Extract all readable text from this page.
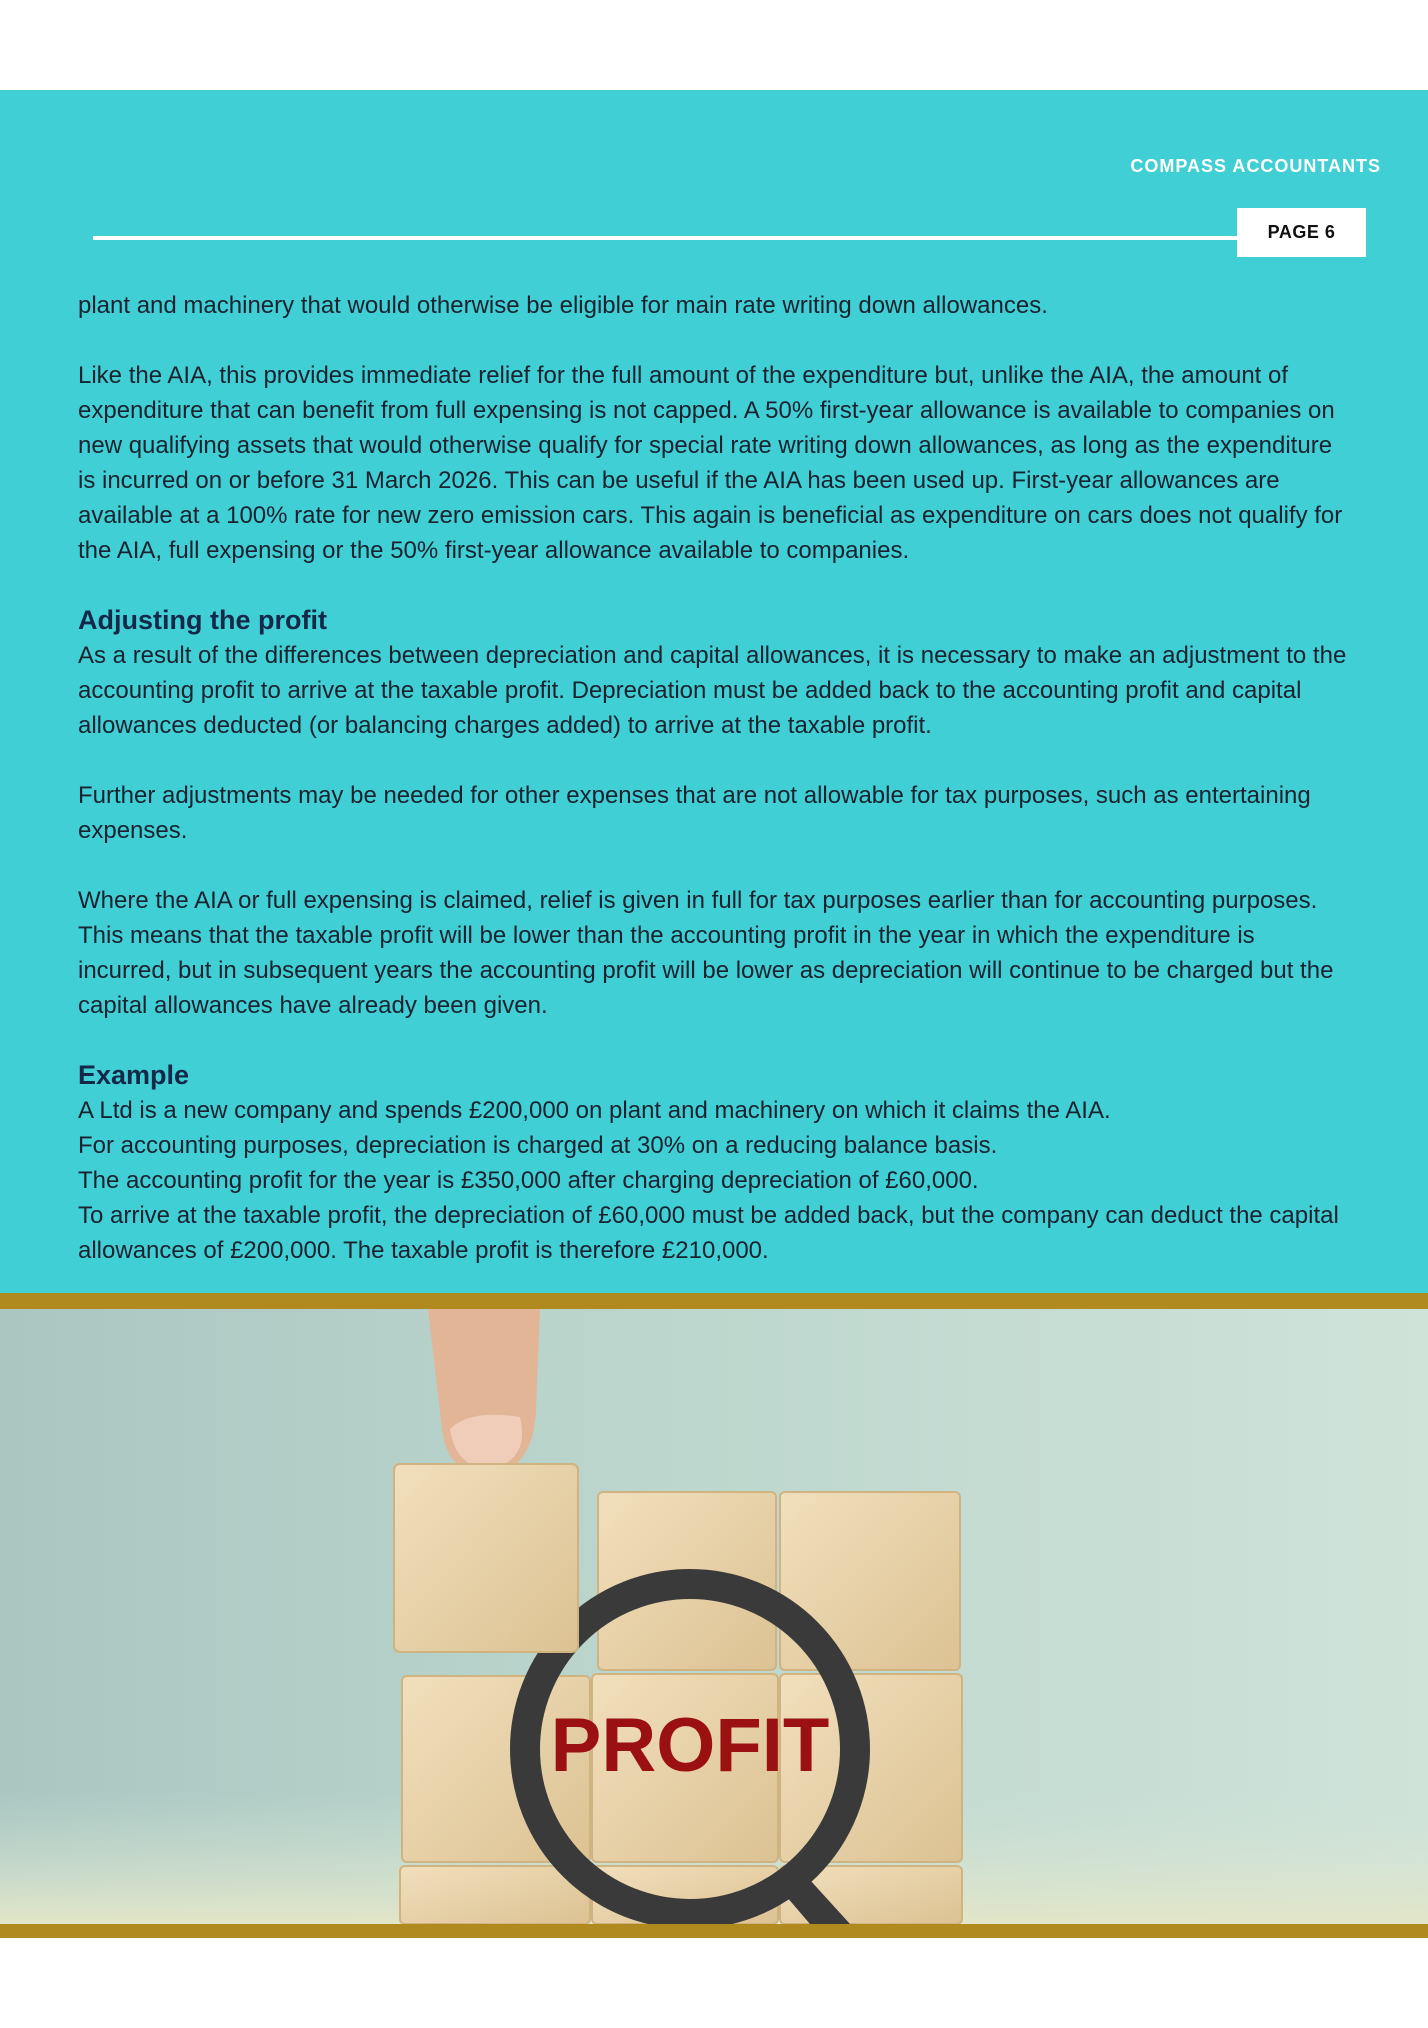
COMPASS ACCOUNTANTS
PAGE 6

plant and machinery that would otherwise be eligible for main rate writing down allowances.

Like the AIA, this provides immediate relief for the full amount of the expenditure but, unlike the AIA, the amount of expenditure that can benefit from full expensing is not capped. A 50% first-year allowance is available to companies on new qualifying assets that would otherwise qualify for special rate writing down allowances, as long as the expenditure is incurred on or before 31 March 2026. This can be useful if the AIA has been used up. First-year allowances are available at a 100% rate for new zero emission cars. This again is beneficial as expenditure on cars does not qualify for the AIA, full expensing or the 50% first-year allowance available to companies.

Adjusting the profit

As a result of the differences between depreciation and capital allowances, it is necessary to make an adjustment to the accounting profit to arrive at the taxable profit. Depreciation must be added back to the accounting profit and capital allowances deducted (or balancing charges added) to arrive at the taxable profit.

Further adjustments may be needed for other expenses that are not allowable for tax purposes, such as entertaining expenses.

Where the AIA or full expensing is claimed, relief is given in full for tax purposes earlier than for accounting purposes. This means that the taxable profit will be lower than the accounting profit in the year in which the expenditure is incurred, but in subsequent years the accounting profit will be lower as depreciation will continue to be charged but the capital allowances have already been given.

Example

A Ltd is a new company and spends £200,000 on plant and machinery on which it claims the AIA.

For accounting purposes, depreciation is charged at 30% on a reducing balance basis.

The accounting profit for the year is £350,000 after charging depreciation of £60,000.

To arrive at the taxable profit, the depreciation of £60,000 must be added back, but the company can deduct the capital allowances of £200,000. The taxable profit is therefore £210,000.

PROFIT
